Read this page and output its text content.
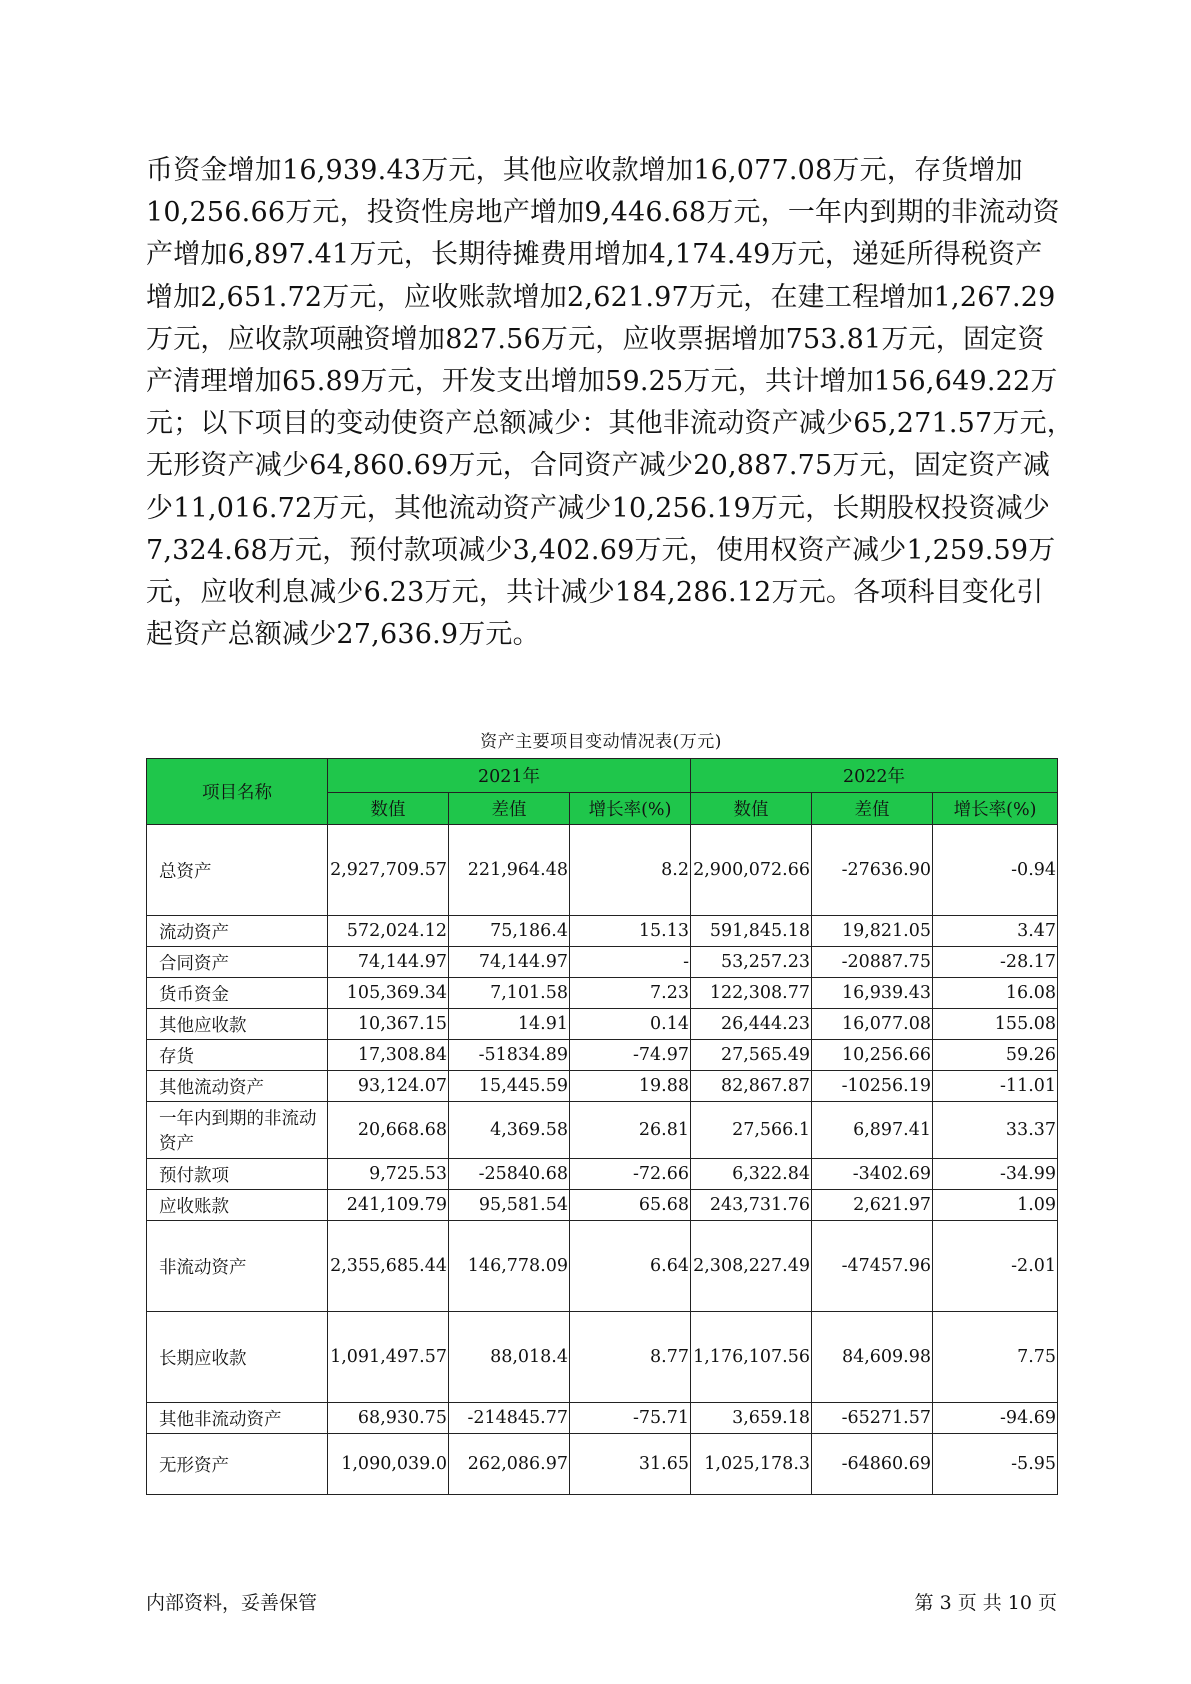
币资金增加16,939.43万元，其他应收款增加16,077.08万元，存货增加
10,256.66万元，投资性房地产增加9,446.68万元，一年内到期的非流动资
产增加6,897.41万元，长期待摊费用增加4,174.49万元，递延所得税资产
增加2,651.72万元，应收账款增加2,621.97万元，在建工程增加1,267.29
万元，应收款项融资增加827.56万元，应收票据增加753.81万元，固定资
产清理增加65.89万元，开发支出增加59.25万元，共计增加156,649.22万
元；以下项目的变动使资产总额减少：其他非流动资产减少65,271.57万元，
无形资产减少64,860.69万元，合同资产减少20,887.75万元，固定资产减
少11,016.72万元，其他流动资产减少10,256.19万元，长期股权投资减少
7,324.68万元，预付款项减少3,402.69万元，使用权资产减少1,259.59万
元，应收利息减少6.23万元，共计减少184,286.12万元。各项科目变化引
起资产总额减少27,636.9万元。
资产主要项目变动情况表(万元)
项目名称	2021年			2022年		
	数值	差值	增长率(%)	数值	差值	增长率(%)
总资产	2,927,709.57	221,964.48	8.2	2,900,072.66	-27636.90	-0.94
流动资产	572,024.12	75,186.4	15.13	591,845.18	19,821.05	3.47
合同资产	74,144.97	74,144.97	-	53,257.23	-20887.75	-28.17
货币资金	105,369.34	7,101.58	7.23	122,308.77	16,939.43	16.08
其他应收款	10,367.15	14.91	0.14	26,444.23	16,077.08	155.08
存货	17,308.84	-51834.89	-74.97	27,565.49	10,256.66	59.26
其他流动资产	93,124.07	15,445.59	19.88	82,867.87	-10256.19	-11.01
一年内到期的非流动资产	20,668.68	4,369.58	26.81	27,566.1	6,897.41	33.37
预付款项	9,725.53	-25840.68	-72.66	6,322.84	-3402.69	-34.99
应收账款	241,109.79	95,581.54	65.68	243,731.76	2,621.97	1.09
非流动资产	2,355,685.44	146,778.09	6.64	2,308,227.49	-47457.96	-2.01
长期应收款	1,091,497.57	88,018.4	8.77	1,176,107.56	84,609.98	7.75
其他非流动资产	68,930.75	-214845.77	-75.71	3,659.18	-65271.57	-94.69
无形资产	1,090,039.0	262,086.97	31.65	1,025,178.3	-64860.69	-5.95
内部资料，妥善保管	第 3 页 共 10 页
